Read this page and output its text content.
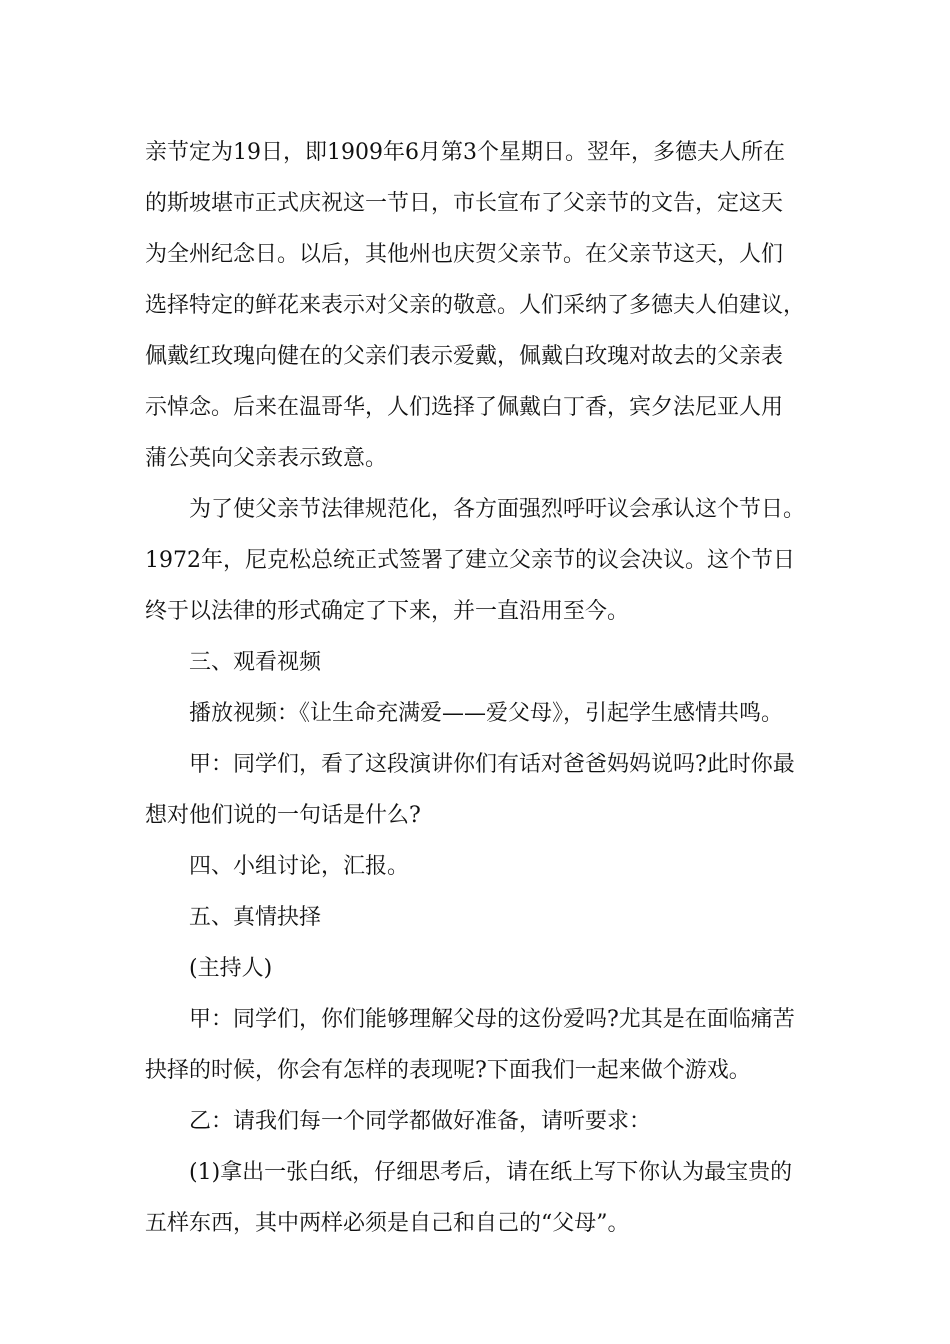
亲节定为19日，即1909年6月第3个星期日。翌年，多德夫人所在
的斯坡堪市正式庆祝这一节日，市长宣布了父亲节的文告，定这天
为全州纪念日。以后，其他州也庆贺父亲节。在父亲节这天，人们
选择特定的鲜花来表示对父亲的敬意。人们采纳了多德夫人伯建议，
佩戴红玫瑰向健在的父亲们表示爱戴，佩戴白玫瑰对故去的父亲表
示悼念。后来在温哥华，人们选择了佩戴白丁香，宾夕法尼亚人用
蒲公英向父亲表示致意。
为了使父亲节法律规范化，各方面强烈呼吁议会承认这个节日。
1972年，尼克松总统正式签署了建立父亲节的议会决议。这个节日
终于以法律的形式确定了下来，并一直沿用至今。
三、观看视频
播放视频：《让生命充满爱——爱父母》，引起学生感情共鸣。
甲：同学们，看了这段演讲你们有话对爸爸妈妈说吗?此时你最
想对他们说的一句话是什么?
四、小组讨论，汇报。
五、真情抉择
(主持人)
甲：同学们，你们能够理解父母的这份爱吗?尤其是在面临痛苦
抉择的时候，你会有怎样的表现呢?下面我们一起来做个游戏。
乙：请我们每一个同学都做好准备，请听要求：
(1)拿出一张白纸，仔细思考后，请在纸上写下你认为最宝贵的
五样东西，其中两样必须是自己和自己的“父母”。
